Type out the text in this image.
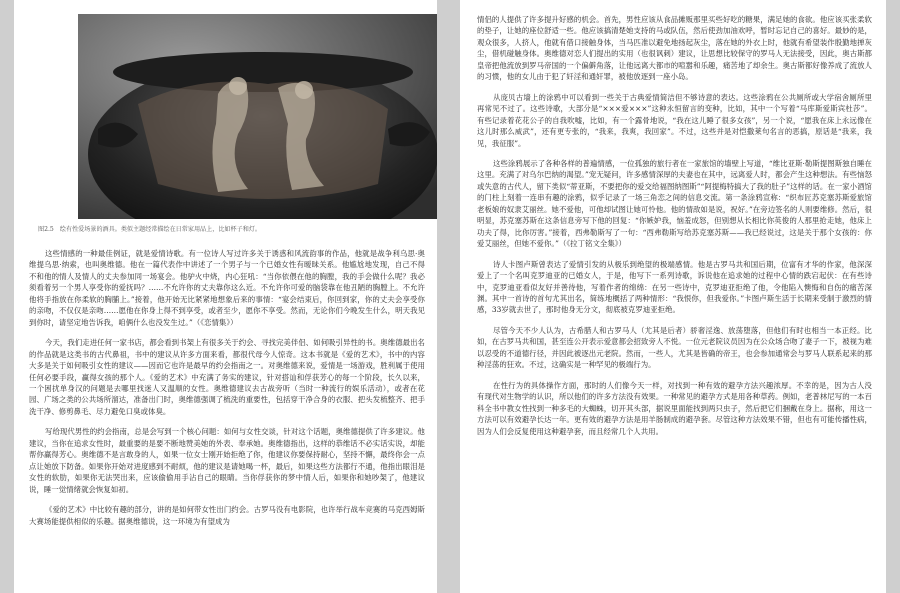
图2.5　绘有性爱场景的酒具。类似主题经常描绘在日常家用品上，比如杯子和灯。

这些情感的一种最佳例证，就是爱情诗歌。有一位诗人写过许多关于诱惑和风流韵事的作品，他就是战争利乌思·奥维提乌思·纳索，也叫奥维德。他在一篇代表作中讲述了一个男子与一个已婚女性有暧昧关系。他尴尬地发现，自己不得不和他的情人及情人的丈夫参加同一场宴会。他驴火中烧，内心狂吼：“当你依偎在他的胸膛，我的手会做什么呢？我必须看着另一个男人享受你的爱抚吗？……不允许你的丈夫靠你这么近。不允许你可爱的脑袋靠在他丑陋的胸膛上。不允许他将手指放在你柔软的胸脯上。”接着，他开始无比紧紧地想象后来的事情：“宴会结束后，你回到家，你的丈夫会享受你的亲吻，不仅仅是亲吻……愿他在你身上得不到享受，或者至少，愿你不享受。然而，无论你们今晚发生什么，明天我见到你时，请坚定地告诉我，咱俩什么也没发生过。”（《恋情集》）

今天，我们走进任何一家书店，都会看到书架上有很多关于约会、寻找完美伴侣、如何吸引异性的书。奥维德最出名的作品就是这类书的古代鼻祖，书中的建议从许多方面来看，都很代母今人惊奇。这本书就是《爱的艺术》，书中的内容大多是关于如何吸引女性的建议——因而它也许是最早的约会指南之一。对奥维德来说，爱情是一场游戏，胜利属于使用任何必要手段，赢得女孩的那个人。《爱的艺术》中充满了务实的建议，针对搭讪和俘获芳心的每一个阶段，长久以来，一个困扰单身汉的问题是去哪里找迷人又温顺的女性。奥维德建议去古战旁听（当时一种流行的娱乐活动），或者在花园、广场之类的公共场所溜达，准备出门时，奥维德强调了梳洗的重要性，包括穿干净合身的衣服、把头发梳整齐、把手洗干净、修剪鼻毛、尽力避免口臭或体臭。

写给现代男性的约会指南，总是会写到一个核心问题：如何与女性交谈，针对这个话题，奥维德提供了许多建议。他建议，当你在追求女性时，最重要的是要不断地赞美她的外表、奉承她。奥维德指出，这样的恭维话不必实话实说，却能帮你赢得芳心。奥维德不是言敢身的人，如果一位女士刚开始拒绝了你，他建议你要保持耐心，坚持不懈，最终你会一点点让她放下防备。如果你开始对进度感到不耐烦，他的建议是请她喝一杯，最后，如果这些方法都行不通，他指出眼泪是女性的软肋，如果你无法哭出来，应该偷偷用手沾自己的眼睛。当你俘获你的梦中情人后，如果你和她吵架了，他建议说，睡一觉情绪就会恢复如初。

《爱的艺术》中比较有趣的部分，讲的是如何带女性出门约会。古罗马没有电影院，也许举行战车竞赛的马克西姆斯大赛场能提供相似的乐趣。据奥维德说，这一环境为有望成为

情侣的人提供了许多提升好感的机会。首先，男性应该从食品摊贩那里买些好吃的糖果，满足她的食欲。他应该买张柔软的垫子，让她的座位舒适一些。他应该搞清楚她支持的马或队伍，然后使劲加油欢呼，暂时忘记自己的喜好。最妙的是，观众很多，人挤人，他就有借口接触身体，当马匹准以避免地扬起灰尘，落在她的外衣上时，他就有希望装作殷勤地掸灰尘，借机碰触身体。奥维德对恋人们提出的实用（也很讽刺）建议，让思想比较保守的罗马人无法接受，因此，奥古斯都皇帝把他流放到罗马帝国的一个偏僻角落，让他远离大都市的喧嚣和乐趣，痛苦地了却余生。奥古斯都好像养成了流放人的习惯，他的女儿由于犯了奸淫和通奸罪，被他放逐到一座小岛。

从庞贝古墙上的涂鸦中可以看到一些关于古典爱情简洁但不够诗意的表达。这些涂鸦在公共厕所或大学宿舍厕所里再常见不过了。这些诗歌，大部分是“×××爱×××”这种永恒留言的变种，比如，其中一个写着“马库斯爱斯宾杜莎”。有些记录着花花公子的自我吹嘘，比如，有一个露骨地说，“我在这儿睡了很多女孩”，另一个说，“愿我在床上永远像在这儿时那么威武”，还有更专张的，“我来，我爽，我回家”。不过，这些并是对恺撒莱句名言的恶搞，原话是“我来，我见，我征服”。

这些涂鸦展示了各种各样的普遍情感，一位孤独的旅行者在一家旅馆的墙壁上写道，“维比亚斯·勒斯提图斯独自睡在这里。充满了对乌尔巴纳的渴望。”宠无疑问，许多感情深厚的夫妻也在其中，远离爱人时，都会产生这种想法。有些恼怒或失意的古代人，留下类似“蒂亚斯，不要把你的爱交给福图纳图斯”“阿提梅特搞大了我的肚子”这样的话。在一家小酒馆的门柱上刻着一连串有趣的涂鸦，似乎记录了一场三角恋之间的信息交流。第一条涂鸦宣称：“织布匠苏克塞苏斯爱旅馆老板娘的奴隶艾丽丝。她不爱他，可他却试图让她可怜他。他的情敌如是说，祝好。”在旁边签名的人则要维修。然后，很明显，苏克塞苏斯在这条信息旁写下他的回复：“你嫉妒我，恼羞成怒，但别想从长相比你英俊的人那里抢走她，他床上功夫了得，比你厉害。”接着，西弗勒斯写了一句：“西弗勒斯写给苏克塞苏斯——我已经说过，这是关于那个女孩的：你爱艾丽丝，但她不爱你。”（《拉丁铭文全集》）

诗人卡图卢斯曾表达了爱情引发的从极乐到绝望的极端感情。他是古罗马共和国后期，位富有才华的作家，他深深爱上了一个名叫克罗迪亚的已婚女人，于是，他写下一系列诗歌，诉说他在追求她的过程中心情的跌宕起伏：在有些诗中，克罗迪亚看似友好并善待他，写着作者的绵绵：在另一些诗中，克罗迪亚拒绝了他，令他陷入懊悔和自伤的痛苦深渊。其中一首诗的首句尤其出名，简练地概括了两种情形：“我恨你，但我爱你。”卡图卢斯生活于长期来受制于激烈的情感，33岁就去世了，那时他身无分文，彻底被克罗迪亚拒绝。

尽管今天不少人认为，古希腊人和古罗马人（尤其是后者）骄奢淫逸、放荡堕落，但他们有时也相当一本正经。比如，在古罗马共和国，甚至连公开表示爱意都会招致旁人不悦。一位元老院议员因为在公众场合吻了妻子一下，被视为难以忍受的不道德行径，并因此被逐出元老院。然而，一些人，尤其是皆确的帝王，也会参加通常会与罗马人联系起来的那种淫荡的狂欢。不过，这确实是一种罕见的极端行为。

在性行为的具体操作方面，那时的人们像今天一样，对找到一种有效的避孕方法兴趣浓厚。不幸的是，因为古人没有现代对生物学的认识，所以他们的许多方法没有效果。一种常见的避孕方式是用各种草药。例如，老普林尼写的一本百科全书中教女性找到一种多毛的大蜘蛛，切开其头部，据说里面能找到两只虫子，然后把它们捆戴在身上。据称，用这一方法可以有效避孕长达一年。更有效的避孕方法是用羊肠制成的避孕套。尽管这种方法效果不错，但也有可能传播性病，因为人们会反复使用这种避孕套，而且经常几个人共用。
